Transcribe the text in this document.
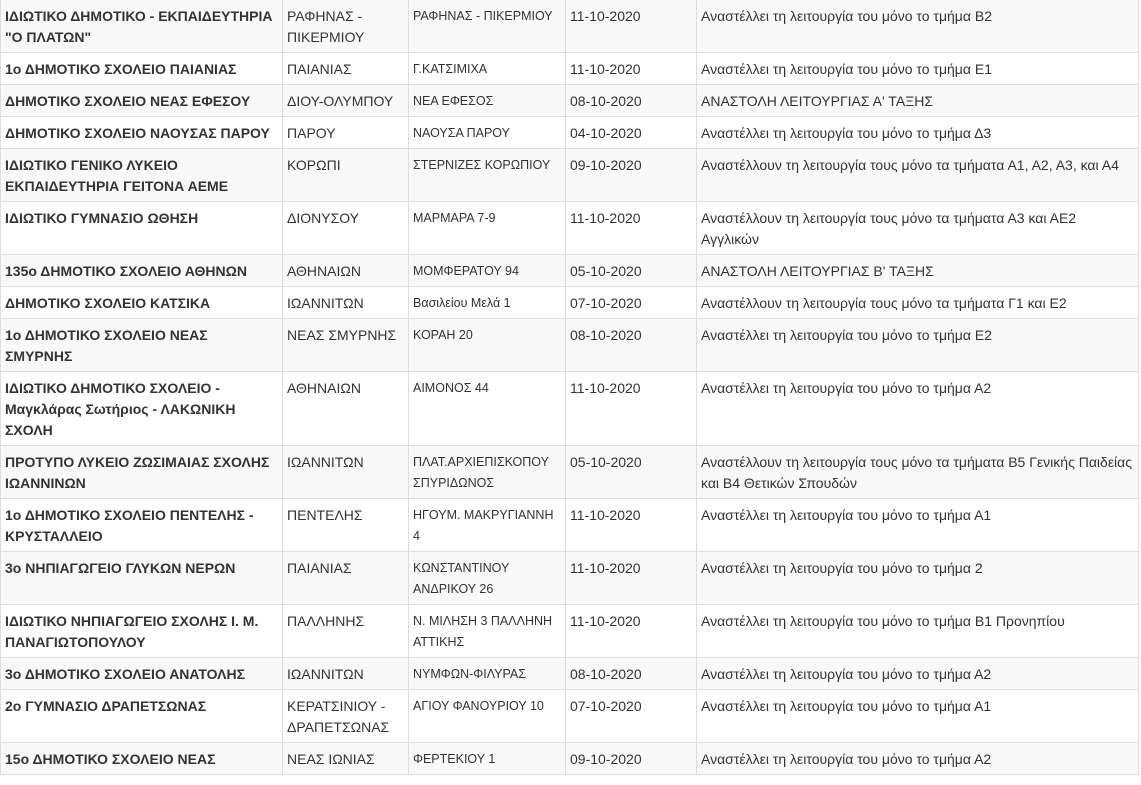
ΙΔΙΩΤΙΚΟ ΔΗΜΟΤΙΚΟ - ΕΚΠΑΙΔΕΥΤΗΡΙΑ "Ο ΠΛΑΤΩΝ"	ΡΑΦΗΝΑΣ - ΠΙΚΕΡΜΙΟΥ	ΡΑΦΗΝΑΣ - ΠΙΚΕΡΜΙΟΥ	11-10-2020	Αναστέλλει τη λειτουργία του μόνο το τμήμα Β2
1ο ΔΗΜΟΤΙΚΟ ΣΧΟΛΕΙΟ ΠΑΙΑΝΙΑΣ	ΠΑΙΑΝΙΑΣ	Γ.ΚΑΤΣΙΜΙΧΑ	11-10-2020	Αναστέλλει τη λειτουργία του μόνο το τμήμα Ε1
ΔΗΜΟΤΙΚΟ ΣΧΟΛΕΙΟ ΝΕΑΣ ΕΦΕΣΟΥ	ΔΙΟΥ-ΟΛΥΜΠΟΥ	ΝΕΑ ΕΦΕΣΟΣ	08-10-2020	ΑΝΑΣΤΟΛΗ ΛΕΙΤΟΥΡΓΙΑΣ Α' ΤΑΞΗΣ
ΔΗΜΟΤΙΚΟ ΣΧΟΛΕΙΟ ΝΑΟΥΣΑΣ ΠΑΡΟΥ	ΠΑΡΟΥ	ΝΑΟΥΣΑ ΠΑΡΟΥ	04-10-2020	Αναστέλλει τη λειτουργία του μόνο το τμήμα Δ3
ΙΔΙΩΤΙΚΟ ΓΕΝΙΚΟ ΛΥΚΕΙΟ ΕΚΠΑΙΔΕΥΤΗΡΙΑ ΓΕΙΤΟΝΑ ΑΕΜΕ	ΚΟΡΩΠΙ	ΣΤΕΡΝΙΖΕΣ ΚΟΡΩΠΙΟΥ	09-10-2020	Αναστέλλουν τη λειτουργία τους μόνο τα τμήματα Α1, Α2, Α3, και Α4
ΙΔΙΩΤΙΚΟ ΓΥΜΝΑΣΙΟ ΩΘΗΣΗ	ΔΙΟΝΥΣΟΥ	ΜΑΡΜΑΡΑ 7-9	11-10-2020	Αναστέλλουν τη λειτουργία τους μόνο τα τμήματα Α3 και ΑΕ2 Αγγλικών
135ο ΔΗΜΟΤΙΚΟ ΣΧΟΛΕΙΟ ΑΘΗΝΩΝ	ΑΘΗΝΑΙΩΝ	ΜΟΜΦΕΡΑΤΟΥ 94	05-10-2020	ΑΝΑΣΤΟΛΗ ΛΕΙΤΟΥΡΓΙΑΣ Β' ΤΑΞΗΣ
ΔΗΜΟΤΙΚΟ ΣΧΟΛΕΙΟ ΚΑΤΣΙΚΑ	ΙΩΑΝΝΙΤΩΝ	Βασιλείου Μελά 1	07-10-2020	Αναστέλλουν τη λειτουργία τους μόνο τα τμήματα Γ1 και Ε2
1ο ΔΗΜΟΤΙΚΟ ΣΧΟΛΕΙΟ ΝΕΑΣ ΣΜΥΡΝΗΣ	ΝΕΑΣ ΣΜΥΡΝΗΣ	ΚΟΡΑΗ 20	08-10-2020	Αναστέλλει τη λειτουργία του μόνο το τμήμα Ε2
ΙΔΙΩΤΙΚΟ ΔΗΜΟΤΙΚΟ ΣΧΟΛΕΙΟ - Μαγκλάρας Σωτήριος - ΛΑΚΩΝΙΚΗ ΣΧΟΛΗ	ΑΘΗΝΑΙΩΝ	ΑΙΜΟΝΟΣ 44	11-10-2020	Αναστέλλει τη λειτουργία του μόνο το τμήμα Α2
ΠΡΟΤΥΠΟ ΛΥΚΕΙΟ ΖΩΣΙΜΑΙΑΣ ΣΧΟΛΗΣ ΙΩΑΝΝΙΝΩΝ	ΙΩΑΝΝΙΤΩΝ	ΠΛΑΤ.ΑΡΧΙΕΠΙΣΚΟΠΟΥ ΣΠΥΡΙΔΩΝΟΣ	05-10-2020	Αναστέλλουν τη λειτουργία τους μόνο τα τμήματα Β5 Γενικής Παιδείας και Β4 Θετικών Σπουδών
1ο ΔΗΜΟΤΙΚΟ ΣΧΟΛΕΙΟ ΠΕΝΤΕΛΗΣ - ΚΡΥΣΤΑΛΛΕΙΟ	ΠΕΝΤΕΛΗΣ	ΗΓΟΥΜ. ΜΑΚΡΥΓΙΑΝΝΗ 4	11-10-2020	Αναστέλλει τη λειτουργία του μόνο το τμήμα Α1
3ο ΝΗΠΙΑΓΩΓΕΙΟ ΓΛΥΚΩΝ ΝΕΡΩΝ	ΠΑΙΑΝΙΑΣ	ΚΩΝΣΤΑΝΤΙΝΟΥ ΑΝΔΡΙΚΟΥ 26	11-10-2020	Αναστέλλει τη λειτουργία του μόνο το τμήμα 2
ΙΔΙΩΤΙΚΟ ΝΗΠΙΑΓΩΓΕΙΟ ΣΧΟΛΗΣ Ι. Μ. ΠΑΝΑΓΙΩΤΟΠΟΥΛΟΥ	ΠΑΛΛΗΝΗΣ	Ν. ΜΙΛΗΣΗ 3 ΠΑΛΛΗΝΗ ΑΤΤΙΚΗΣ	11-10-2020	Αναστέλλει τη λειτουργία του μόνο το τμήμα Β1 Προνηπίου
3ο ΔΗΜΟΤΙΚΟ ΣΧΟΛΕΙΟ ΑΝΑΤΟΛΗΣ	ΙΩΑΝΝΙΤΩΝ	ΝΥΜΦΩΝ-ΦΙΛΥΡΑΣ	08-10-2020	Αναστέλλει τη λειτουργία του μόνο το τμήμα Α2
2ο ΓΥΜΝΑΣΙΟ ΔΡΑΠΕΤΣΩΝΑΣ	ΚΕΡΑΤΣΙΝΙΟΥ - ΔΡΑΠΕΤΣΩΝΑΣ	ΑΓΙΟΥ ΦΑΝΟΥΡΙΟΥ 10	07-10-2020	Αναστέλλει τη λειτουργία του μόνο το τμήμα Α1
15ο ΔΗΜΟΤΙΚΟ ΣΧΟΛΕΙΟ ΝΕΑΣ	ΝΕΑΣ ΙΩΝΙΑΣ	ΦΕΡΤΕΚΙΟΥ 1	09-10-2020	Αναστέλλει τη λειτουργία του μόνο το τμήμα Α2
